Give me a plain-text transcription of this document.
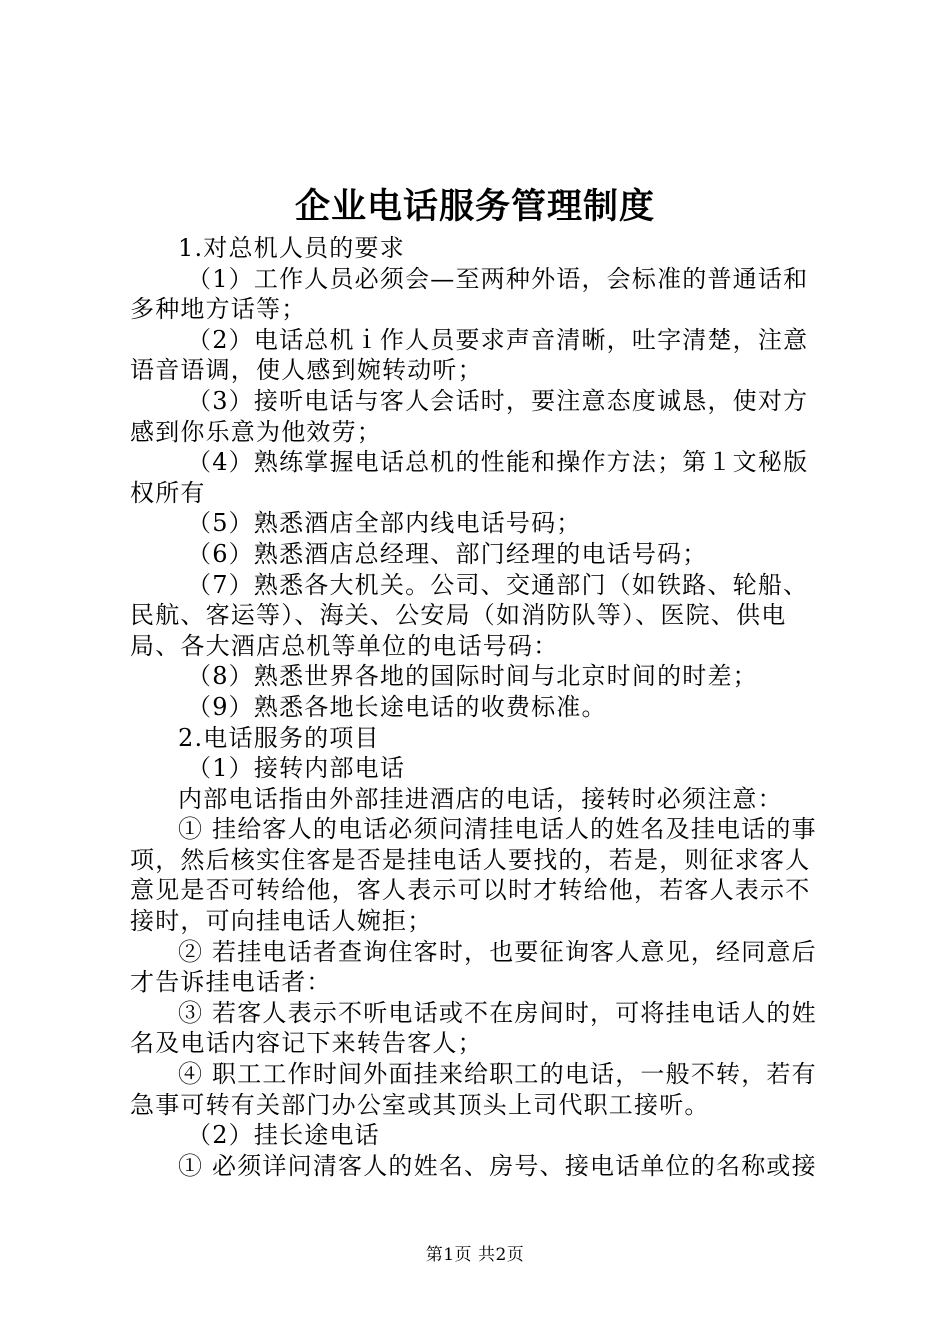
企业电话服务管理制度

1.对总机人员的要求

（1）工作人员必须会—至两种外语，会标准的普通话和多种地方话等；

（2）电话总机ｉ作人员要求声音清晰，吐字清楚，注意语音语调，使人感到婉转动听；

（3）接听电话与客人会话时，要注意态度诚恳，使对方感到你乐意为他效劳；

（4）熟练掌握电话总机的性能和操作方法；第１文秘版权所有

（5）熟悉酒店全部内线电话号码；

（6）熟悉酒店总经理、部门经理的电话号码；

（7）熟悉各大机关。公司、交通部门（如铁路、轮船、民航、客运等）、海关、公安局（如消防队等）、医院、供电局、各大酒店总机等单位的电话号码：

（8）熟悉世界各地的国际时间与北京时间的时差；

（9）熟悉各地长途电话的收费标准。

2.电话服务的项目

（1）接转内部电话

内部电话指由外部挂进酒店的电话，接转时必须注意：

① 挂给客人的电话必须问清挂电话人的姓名及挂电话的事项，然后核实住客是否是挂电话人要找的，若是，则征求客人意见是否可转给他，客人表示可以时才转给他，若客人表示不接时，可向挂电话人婉拒；

② 若挂电话者查询住客时，也要征询客人意见，经同意后才告诉挂电话者：

③ 若客人表示不听电话或不在房间时，可将挂电话人的姓名及电话内容记下来转告客人；

④ 职工工作时间外面挂来给职工的电话，一般不转，若有急事可转有关部门办公室或其顶头上司代职工接听。

（2）挂长途电话

① 必须详问清客人的姓名、房号、接电话单位的名称或接

第1页 共2页
